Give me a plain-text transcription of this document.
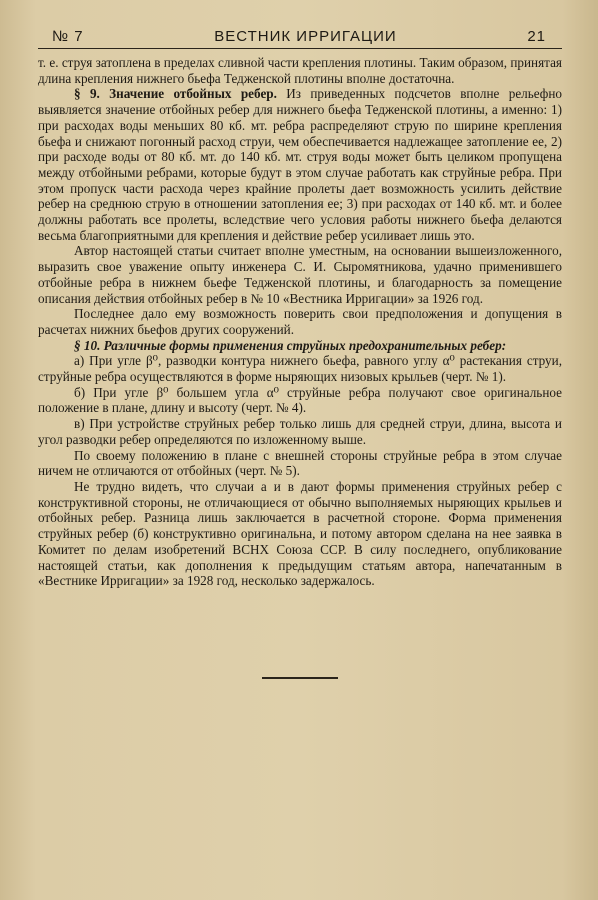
№ 7	ВЕСТНИК ИРРИГАЦИИ	21

т. е. струя затоплена в пределах сливной части крепления плотины. Таким образом, принятая длина крепления нижнего бьефа Тедженской плотины вполне достаточна.

§ 9. Значение отбойных ребер. Из приведенных подсчетов вполне рельефно выявляется значение отбойных ребер для нижнего бьефа Тедженской плотины, а именно: 1) при расходах воды меньших 80 кб. мт. ребра распределяют струю по ширине крепления бьефа и снижают погонный расход струи, чем обеспечивается надлежащее затопление ее, 2) при расходе воды от 80 кб. мт. до 140 кб. мт. струя воды может быть целиком пропущена между отбойными ребрами, которые будут в этом случае работать как струйные ребра. При этом пропуск части расхода через крайние пролеты дает возможность усилить действие ребер на среднюю струю в отношении затопления ее; 3) при расходах от 140 кб. мт. и более должны работать все пролеты, вследствие чего условия работы нижнего бьефа делаются весьма благоприятными для крепления и действие ребер усиливает лишь это.

Автор настоящей статьи считает вполне уместным, на основании вышеизложенного, выразить свое уважение опыту инженера С. И. Сыромятникова, удачно применившего отбойные ребра в нижнем бьефе Тедженской плотины, и благодарность за помещение описания действия отбойных ребер в № 10 «Вестника Ирригации» за 1926 год.

Последнее дало ему возможность поверить свои предположения и допущения в расчетах нижних бьефов других сооружений.

§ 10. Различные формы применения струйных предохранительных ребер:

а) При угле β⁰, разводки контура нижнего бьефа, равного углу α⁰ растекания струи, струйные ребра осуществляются в форме ныряющих низовых крыльев (черт. № 1).

б) При угле β⁰ большем угла α⁰ струйные ребра получают свое оригинальное положение в плане, длину и высоту (черт. № 4).

в) При устройстве струйных ребер только лишь для средней струи, длина, высота и угол разводки ребер определяются по изложенному выше.

По своему положению в плане с внешней стороны струйные ребра в этом случае ничем не отличаются от отбойных (черт. № 5).

Не трудно видеть, что случаи а и в дают формы применения струйных ребер с конструктивной стороны, не отличающиеся от обычно выполняемых ныряющих крыльев и отбойных ребер. Разница лишь заключается в расчетной стороне. Форма применения струйных ребер (б) конструктивно оригинальна, и потому автором сделана на нее заявка в Комитет по делам изобретений ВСНХ Союза ССР. В силу последнего, опубликование настоящей статьи, как дополнения к предыдущим статьям автора, напечатанным в «Вестнике Ирригации» за 1928 год, несколько задержалось.
